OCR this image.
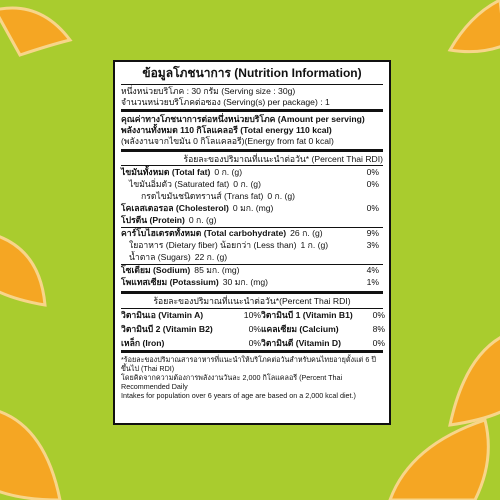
ข้อมูลโภชนาการ (Nutrition Information)
หนึ่งหน่วยบริโภค : 30 กรัม (Serving size : 30g)
จำนวนหน่วยบริโภคต่อซอง (Serving(s) per package) : 1
คุณค่าทางโภชนาการต่อหนึ่งหน่วยบริโภค (Amount per serving)
พลังงานทั้งหมด 110 กิโลแคลอรี (Total energy 110 kcal)
(พลังงานจากไขมัน 0 กิโลแคลอรี)(Energy from fat 0 kcal)
ร้อยละของปริมาณที่แนะนำต่อวัน* (Percent Thai RDI)
ไขมันทั้งหมด (Total fat) 0 ก. (g)	0%
ไขมันอิ่มตัว (Saturated fat) 0 ก. (g)	0%
กรดไขมันชนิดทรานส์ (Trans fat) 0 ก. (g)
โคเลสเตอรอล (Cholesterol) 0 มก. (mg)	0%
โปรตีน (Protein) 0 ก. (g)
คาร์โบไฮเดรตทั้งหมด (Total carbohydrate) 26 ก. (g)	9%
ใยอาหาร (Dietary fiber) น้อยกว่า (Less than) 1 ก. (g)	3%
น้ำตาล (Sugars) 22 ก. (g)
โซเดียม (Sodium) 85 มก. (mg)	4%
โพแทสเซียม (Potassium) 30 มก. (mg)	1%
ร้อยละของปริมาณที่แนะนำต่อวัน*(Percent Thai RDI)
วิตามินเอ (Vitamin A)	10% วิตามินบี 1 (Vitamin B1)	0%
วิตามินบี 2 (Vitamin B2)	0% แคลเซียม (Calcium)	8%
เหล็ก (Iron)	0% วิตามินดี (Vitamin D)	0%
*ร้อยละของปริมาณสารอาหารที่แนะนำให้บริโภคต่อวันสำหรับคนไทยอายุตั้งแต่ 6 ปีขึ้นไป (Thai RDI)
โดยคิดจากความต้องการพลังงานวันละ 2,000 กิโลแคลอรี (Percent Thai Recommended Daily
Intakes for population over 6 years of age are based on a 2,000 kcal diet.)
